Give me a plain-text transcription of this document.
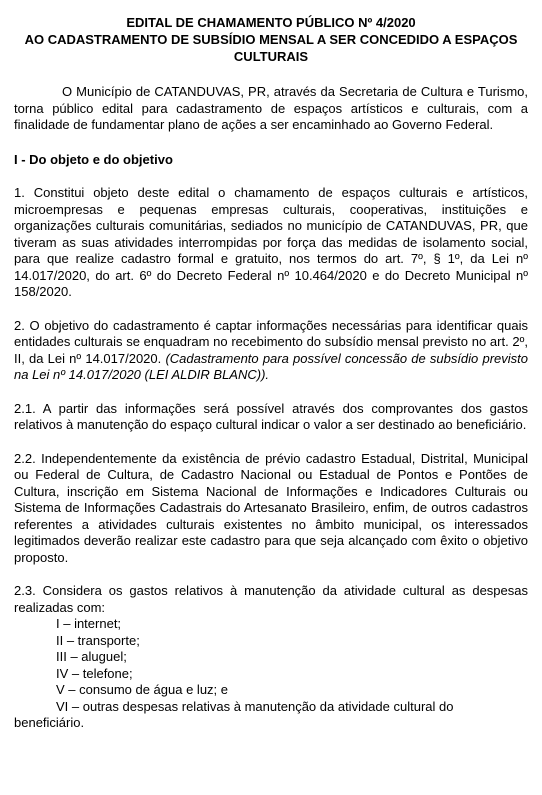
EDITAL DE CHAMAMENTO PÚBLICO Nº 4/2020
AO CADASTRAMENTO DE SUBSÍDIO MENSAL A SER CONCEDIDO A ESPAÇOS
CULTURAIS

O Município de CATANDUVAS, PR, através da Secretaria de Cultura e Turismo, torna público edital para cadastramento de espaços artísticos e culturais, com a finalidade de fundamentar plano de ações a ser encaminhado ao Governo Federal.

I - Do objeto e do objetivo

1. Constitui objeto deste edital o chamamento de espaços culturais e artísticos, microempresas e pequenas empresas culturais, cooperativas, instituições e organizações culturais comunitárias, sediados no município de CATANDUVAS, PR, que tiveram as suas atividades interrompidas por força das medidas de isolamento social, para que realize cadastro formal e gratuito, nos termos do art. 7º, § 1º, da Lei nº 14.017/2020, do art. 6º do Decreto Federal nº 10.464/2020 e do Decreto Municipal nº 158/2020.

2. O objetivo do cadastramento é captar informações necessárias para identificar quais entidades culturais se enquadram no recebimento do subsídio mensal previsto no art. 2º, II, da Lei nº 14.017/2020. (Cadastramento para possível concessão de subsídio previsto na Lei nº 14.017/2020 (LEI ALDIR BLANC)).

2.1. A partir das informações será possível através dos comprovantes dos gastos relativos à manutenção do espaço cultural indicar o valor a ser destinado ao beneficiário.

2.2. Independentemente da existência de prévio cadastro Estadual, Distrital, Municipal ou Federal de Cultura, de Cadastro Nacional ou Estadual de Pontos e Pontões de Cultura, inscrição em Sistema Nacional de Informações e Indicadores Culturais ou Sistema de Informações Cadastrais do Artesanato Brasileiro, enfim, de outros cadastros referentes a atividades culturais existentes no âmbito municipal, os interessados legitimados deverão realizar este cadastro para que seja alcançado com êxito o objetivo proposto.

2.3. Considera os gastos relativos à manutenção da atividade cultural as despesas realizadas com:

I – internet;
II – transporte;
III – aluguel;
IV – telefone;
V – consumo de água e luz; e
VI – outras despesas relativas à manutenção da atividade cultural do

beneficiário.
